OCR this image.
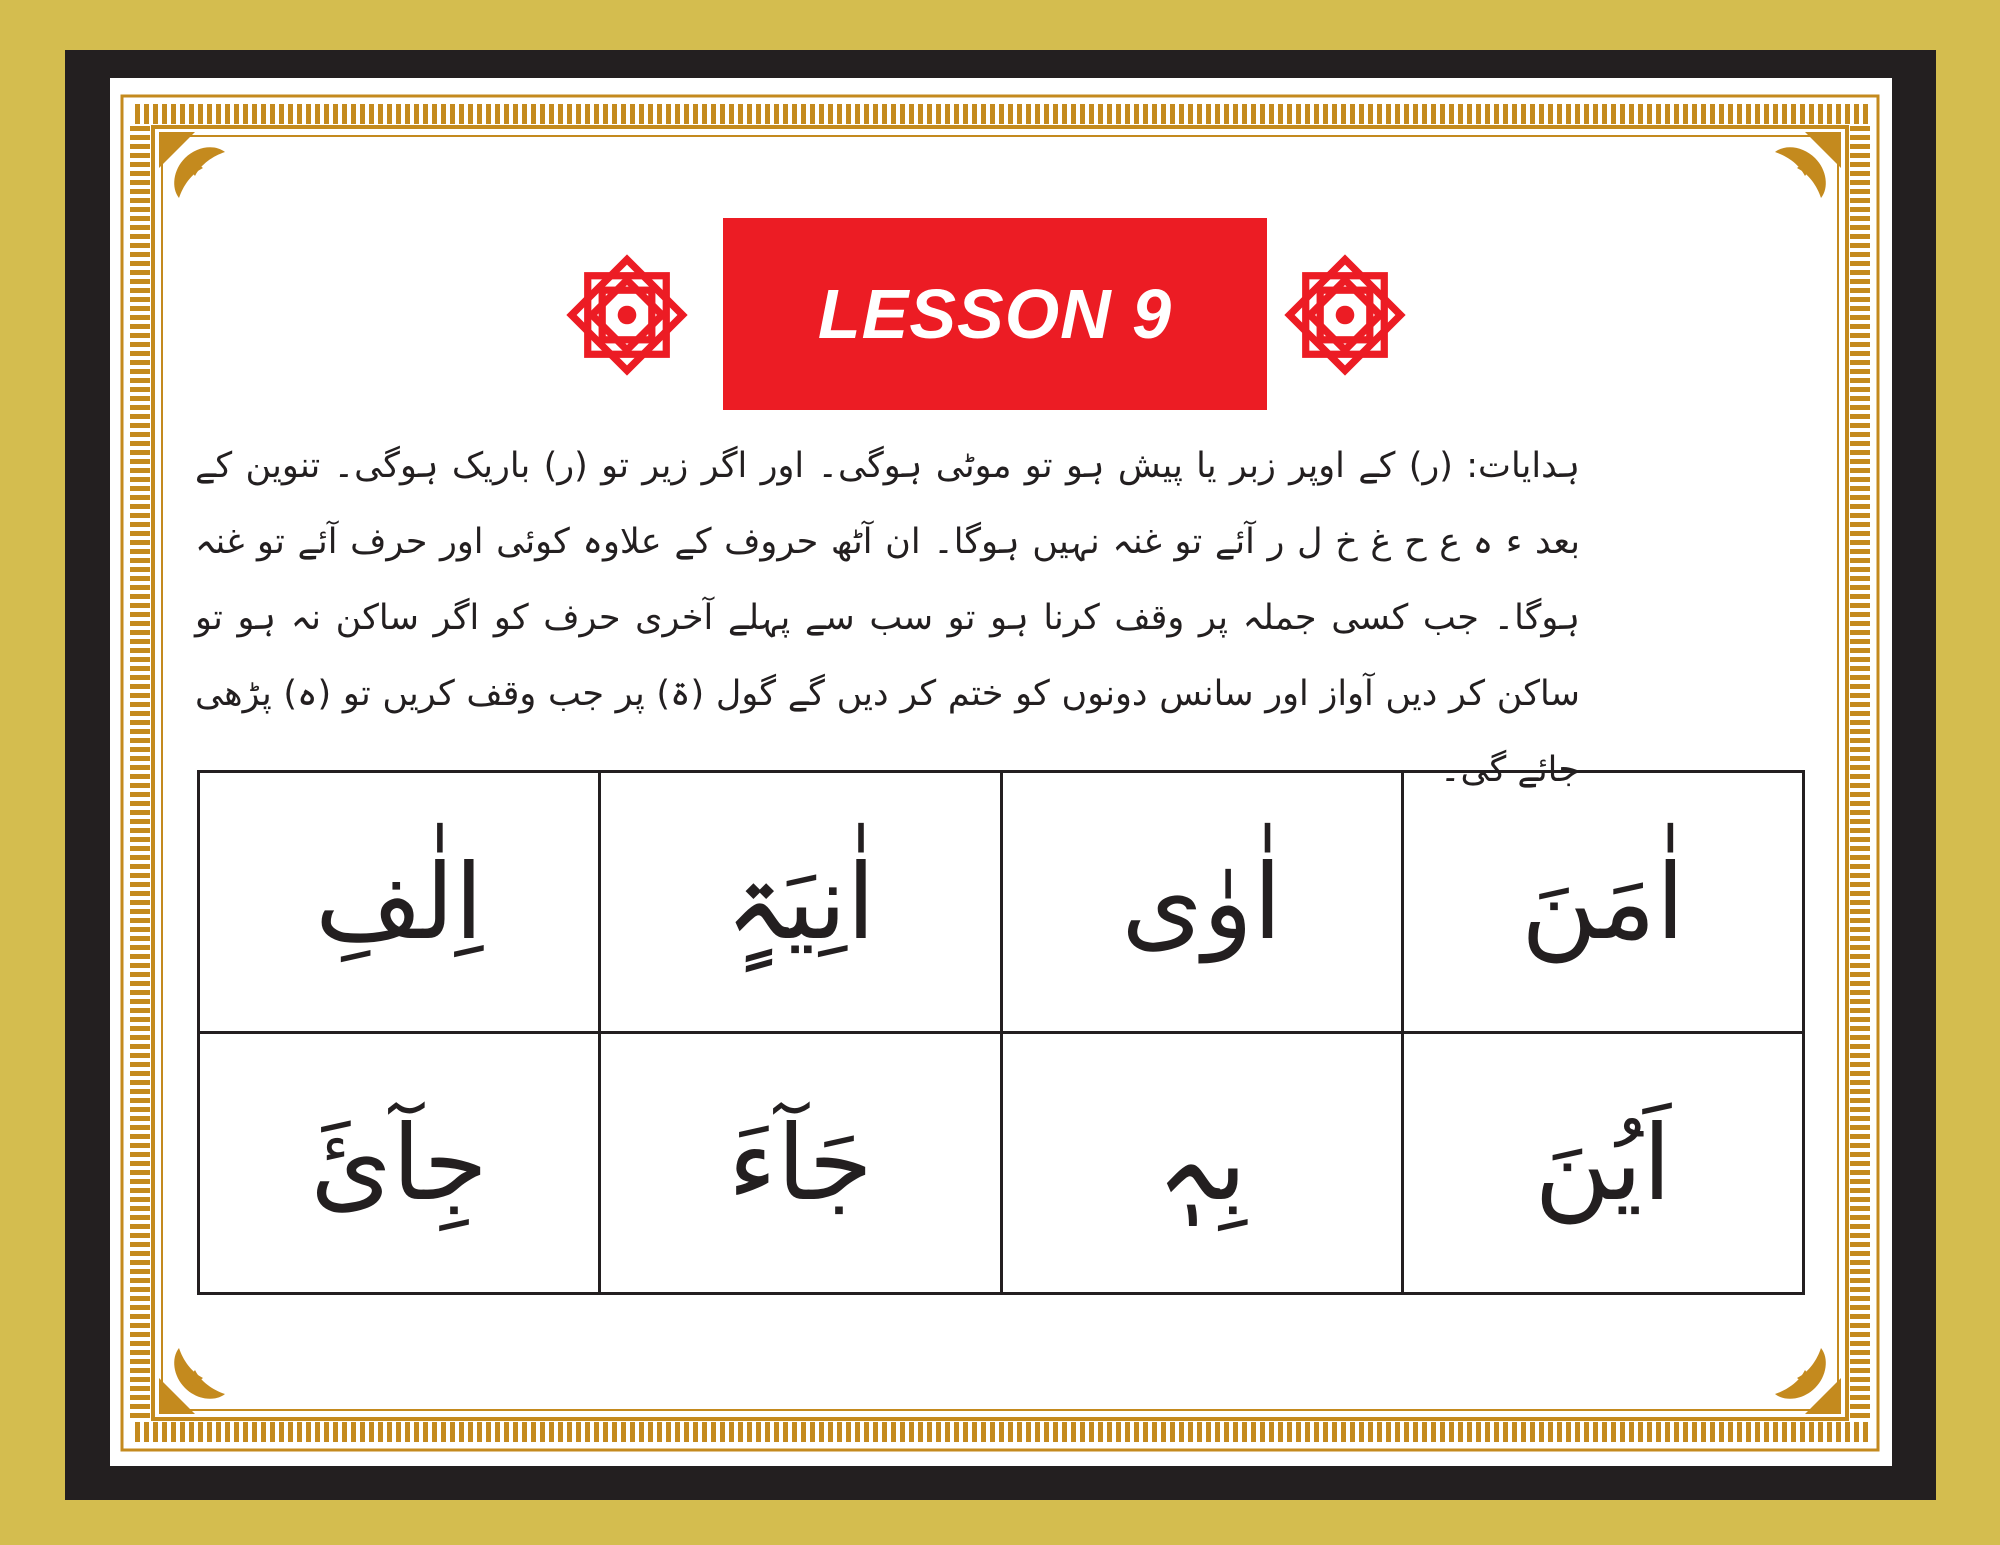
LESSON 9
ہدایات: (ر) کے اوپر زبر یا پیش ہو تو موٹی ہوگی۔ اور اگر زیر تو (ر) باریک ہوگی۔ تنوین کے بعد ء ہ ع ح غ خ ل ر آئے تو غنہ نہیں ہوگا۔ ان آٹھ حروف کے علاوہ کوئی اور حرف آئے تو غنہ ہوگا۔ جب کسی جملہ پر وقف کرنا ہو تو سب سے پہلے آخری حرف کو اگر ساکن نہ ہو تو ساکن کر دیں آواز اور سانس دونوں کو ختم کر دیں گے گول (ۃ) پر جب وقف کریں تو (ہ) پڑھی جائے گی۔
اٰمَنَ	اٰوٰی	اٰنِیَۃٍ	اِلٰفِ
اَیُنَ	بِہٖ	جَآءَ	جِآئَ
